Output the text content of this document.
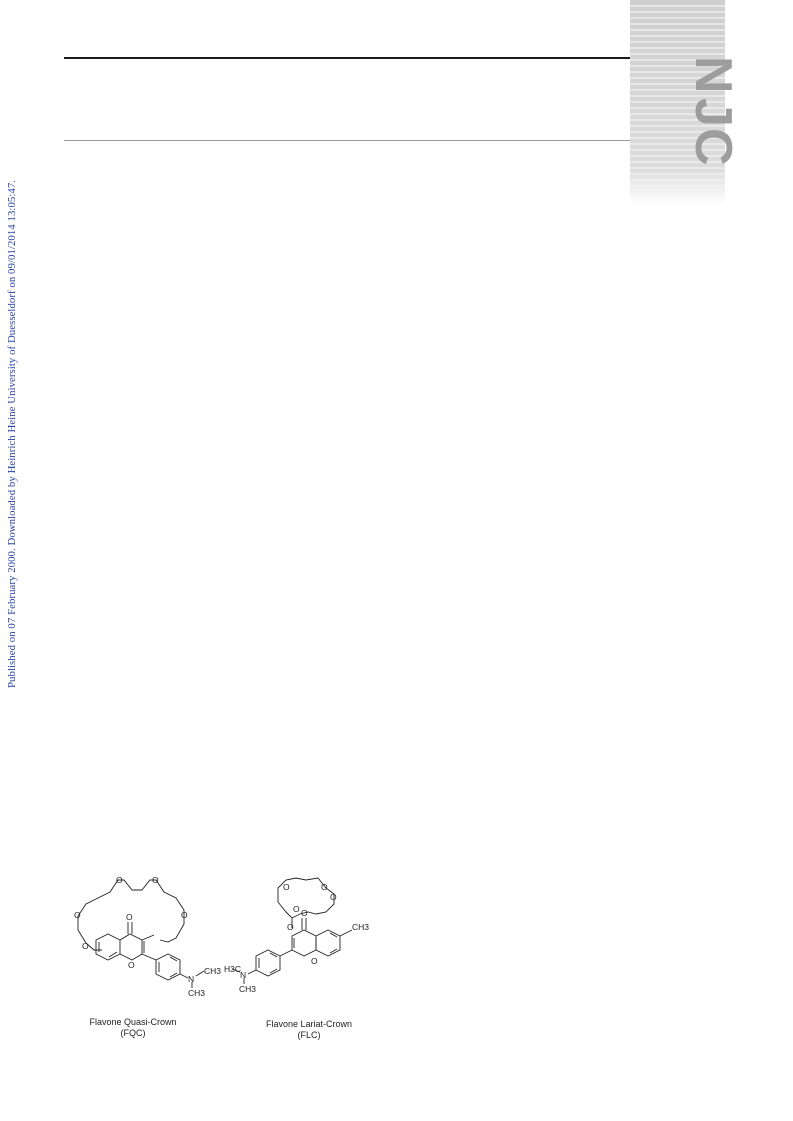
Published on 07 February 2000. Downloaded by Heinrich Heine University of Duesseldorf on 09/01/2014 13:05:47.
N
J
C
O	O
O	O
O
O
O
N
CH3
CH3
O	O
O
O
O
O
O
CH3
H3C
N
CH3
Flavone Quasi-Crown
(FQC)
Flavone Lariat-Crown
(FLC)
